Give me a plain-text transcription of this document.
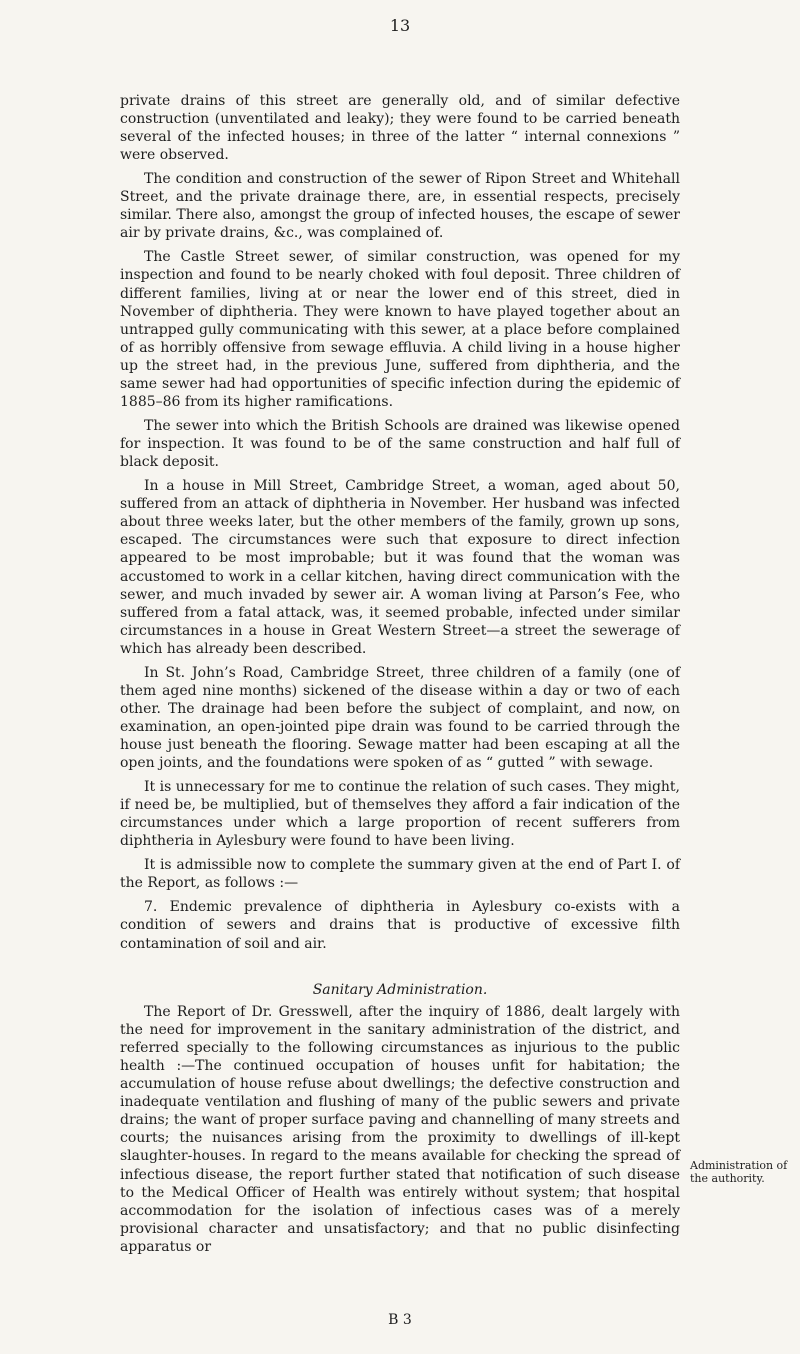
13

private drains of this street are generally old, and of similar defective construction (unventilated and leaky); they were found to be carried beneath several of the infected houses; in three of the latter “ internal connexions ” were observed.

The condition and construction of the sewer of Ripon Street and Whitehall Street, and the private drainage there, are, in essential respects, precisely similar. There also, amongst the group of infected houses, the escape of sewer air by private drains, &c., was complained of.

The Castle Street sewer, of similar construction, was opened for my inspection and found to be nearly choked with foul deposit. Three children of different families, living at or near the lower end of this street, died in November of diphtheria. They were known to have played together about an untrapped gully communicating with this sewer, at a place before complained of as horribly offensive from sewage effluvia. A child living in a house higher up the street had, in the previous June, suffered from diphtheria, and the same sewer had had opportunities of specific infection during the epidemic of 1885–86 from its higher ramifications.

The sewer into which the British Schools are drained was likewise opened for inspection. It was found to be of the same construction and half full of black deposit.

In a house in Mill Street, Cambridge Street, a woman, aged about 50, suffered from an attack of diphtheria in November. Her husband was infected about three weeks later, but the other members of the family, grown up sons, escaped. The circumstances were such that exposure to direct infection appeared to be most improbable; but it was found that the woman was accustomed to work in a cellar kitchen, having direct communication with the sewer, and much invaded by sewer air. A woman living at Parson’s Fee, who suffered from a fatal attack, was, it seemed probable, infected under similar circumstances in a house in Great Western Street—a street the sewerage of which has already been described.

In St. John’s Road, Cambridge Street, three children of a family (one of them aged nine months) sickened of the disease within a day or two of each other. The drainage had been before the subject of complaint, and now, on examination, an open-jointed pipe drain was found to be carried through the house just beneath the flooring. Sewage matter had been escaping at all the open joints, and the foundations were spoken of as “ gutted ” with sewage.

It is unnecessary for me to continue the relation of such cases. They might, if need be, be multiplied, but of themselves they afford a fair indication of the circumstances under which a large proportion of recent sufferers from diphtheria in Aylesbury were found to have been living.

It is admissible now to complete the summary given at the end of Part I. of the Report, as follows :—

7. Endemic prevalence of diphtheria in Aylesbury co-exists with a condition of sewers and drains that is productive of excessive filth contamination of soil and air.

Sanitary Administration.

The Report of Dr. Gresswell, after the inquiry of 1886, dealt largely with the need for improvement in the sanitary administration of the district, and referred specially to the following circumstances as injurious to the public health :—The continued occupation of houses unfit for habitation; the accumulation of house refuse about dwellings; the defective construction and inadequate ventilation and flushing of many of the public sewers and private drains; the want of proper surface paving and channelling of many streets and courts; the nuisances arising from the proximity to dwellings of ill-kept slaughter-houses. In regard to the means available for checking the spread of infectious disease, the report further stated that notification of such disease to the Medical Officer of Health was entirely without system; that hospital accommodation for the isolation of infectious cases was of a merely provisional character and unsatisfactory; and that no public disinfecting apparatus or

Administration of the authority.
B 3
